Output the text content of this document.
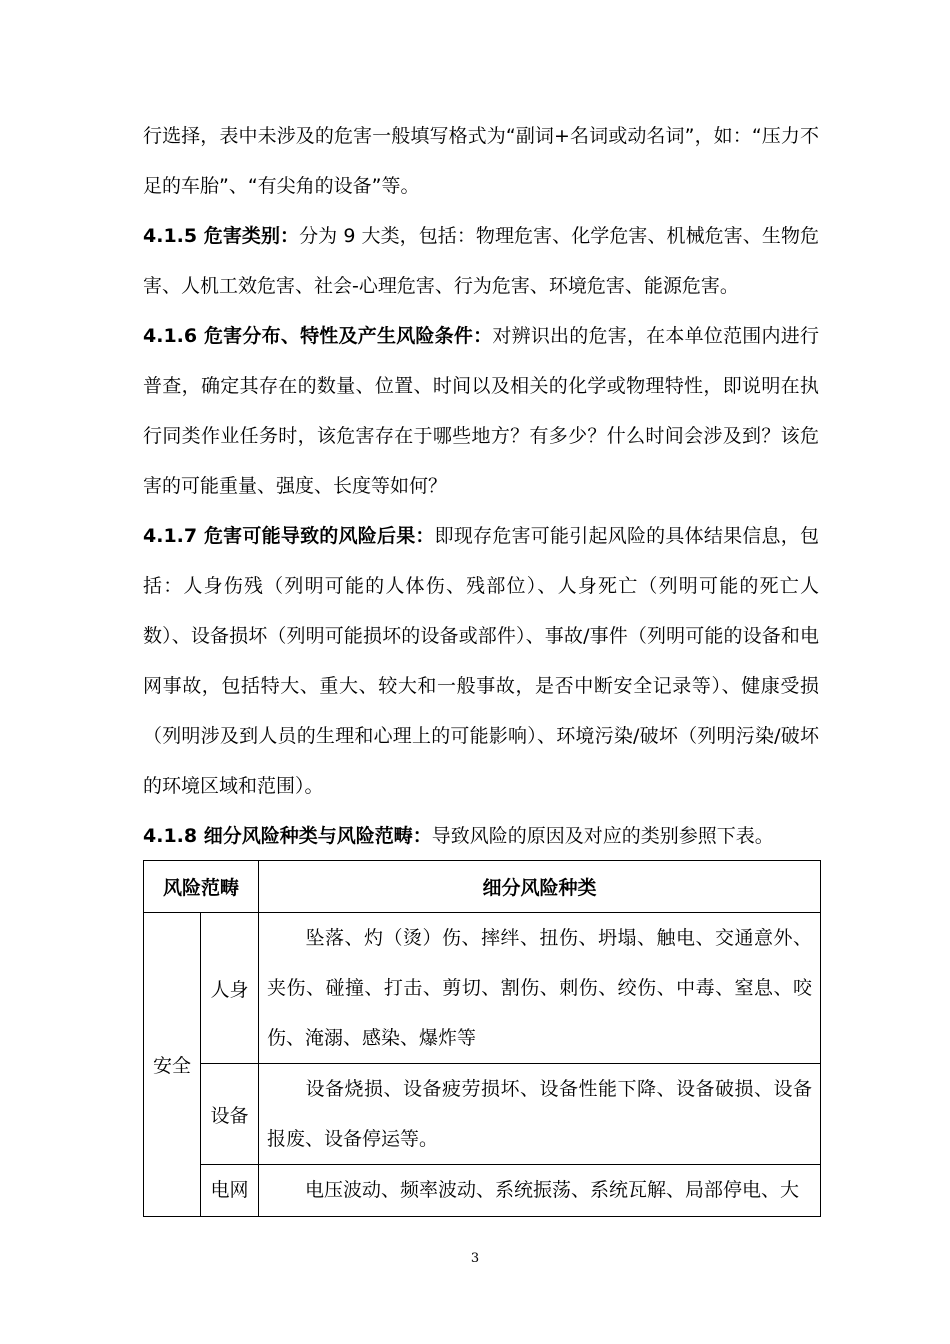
行选择，表中未涉及的危害一般填写格式为“副词+名词或动名词”，如：“压力不足的车胎”、“有尖角的设备”等。

4.1.5 危害类别：分为 9 大类，包括：物理危害、化学危害、机械危害、生物危害、人机工效危害、社会-心理危害、行为危害、环境危害、能源危害。

4.1.6 危害分布、特性及产生风险条件：对辨识出的危害，在本单位范围内进行普查，确定其存在的数量、位置、时间以及相关的化学或物理特性，即说明在执行同类作业任务时，该危害存在于哪些地方？有多少？什么时间会涉及到？该危害的可能重量、强度、长度等如何？

4.1.7 危害可能导致的风险后果：即现存危害可能引起风险的具体结果信息，包括：人身伤残（列明可能的人体伤、残部位）、人身死亡（列明可能的死亡人数）、设备损坏（列明可能损坏的设备或部件）、事故/事件（列明可能的设备和电网事故，包括特大、重大、较大和一般事故，是否中断安全记录等）、健康受损（列明涉及到人员的生理和心理上的可能影响）、环境污染/破坏（列明污染/破坏的环境区域和范围）。

4.1.8 细分风险种类与风险范畴：导致风险的原因及对应的类别参照下表。

风险范畴		细分风险种类
安全	人身	坠落、灼（烫）伤、摔绊、扭伤、坍塌、触电、交通意外、夹伤、碰撞、打击、剪切、割伤、刺伤、绞伤、中毒、窒息、咬伤、淹溺、感染、爆炸等
	设备	设备烧损、设备疲劳损坏、设备性能下降、设备破损、设备报废、设备停运等。
	电网	电压波动、频率波动、系统振荡、系统瓦解、局部停电、大
3
